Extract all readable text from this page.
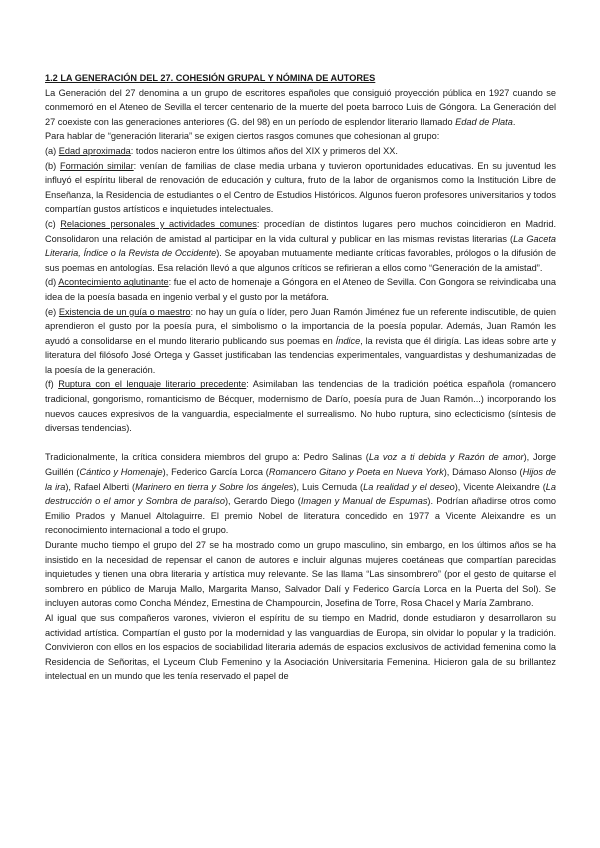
1.2 LA GENERACIÓN DEL 27. COHESIÓN GRUPAL Y NÓMINA DE AUTORES

La Generación del 27 denomina a un grupo de escritores españoles que consiguió proyección pública en 1927 cuando se conmemoró en el Ateneo de Sevilla el tercer centenario de la muerte del poeta barroco Luis de Góngora. La Generación del 27 coexiste con las generaciones anteriores (G. del 98) en un período de esplendor literario llamado Edad de Plata.

Para hablar de “generación literaria” se exigen ciertos rasgos comunes que cohesionan al grupo:

(a) Edad aproximada: todos nacieron entre los últimos años del XIX y primeros del XX.

(b) Formación similar: venían de familias de clase media urbana y tuvieron oportunidades educativas. En su juventud les influyó el espíritu liberal de renovación de educación y cultura, fruto de la labor de organismos como la Institución Libre de Enseñanza, la Residencia de estudiantes o el Centro de Estudios Históricos. Algunos fueron profesores universitarios y todos compartían gustos artísticos e inquietudes intelectuales.

(c) Relaciones personales y actividades comunes: procedían de distintos lugares pero muchos coincidieron en Madrid. Consolidaron una relación de amistad al participar en la vida cultural y publicar en las mismas revistas literarias (La Gaceta Literaria, Índice o la Revista de Occidente). Se apoyaban mutuamente mediante críticas favorables, prólogos o la difusión de sus poemas en antologías. Esa relación llevó a que algunos críticos se refirieran a ellos como “Generación de la amistad”.

(d) Acontecimiento aglutinante: fue el acto de homenaje a Góngora en el Ateneo de Sevilla. Con Gongora se reivindicaba una idea de la poesía basada en ingenio verbal y el gusto por la metáfora.

(e) Existencia de un guía o maestro: no hay un guía o líder, pero Juan Ramón Jiménez fue un referente indiscutible, de quien aprendieron el gusto por la poesía pura, el simbolismo o la importancia de la poesía popular. Además, Juan Ramón les ayudó a consolidarse en el mundo literario publicando sus poemas en Índice, la revista que él dirigía. Las ideas sobre arte y literatura del filósofo José Ortega y Gasset justificaban las tendencias experimentales, vanguardistas y deshumanizadas de la poesía de la generación.

(f) Ruptura con el lenguaje literario precedente: Asimilaban las tendencias de la tradición poética española (romancero tradicional, gongorismo, romanticismo de Bécquer, modernismo de Darío, poesía pura de Juan Ramón...) incorporando los nuevos cauces expresivos de la vanguardia, especialmente el surrealismo. No hubo ruptura, sino eclecticismo (síntesis de diversas tendencias).

Tradicionalmente, la crítica considera miembros del grupo a: Pedro Salinas (La voz a ti debida y Razón de amor), Jorge Guillén (Cántico y Homenaje), Federico García Lorca (Romancero Gitano y Poeta en Nueva York), Dámaso Alonso (Hijos de la ira), Rafael Alberti (Marinero en tierra y Sobre los ángeles), Luis Cernuda (La realidad y el deseo), Vicente Aleixandre (La destrucción o el amor y Sombra de paraíso), Gerardo Diego (Imagen y Manual de Espumas). Podrían añadirse otros como Emilio Prados y Manuel Altolaguirre. El premio Nobel de literatura concedido en 1977 a Vicente Aleixandre es un reconocimiento internacional a todo el grupo.

Durante mucho tiempo el grupo del 27 se ha mostrado como un grupo masculino, sin embargo, en los últimos años se ha insistido en la necesidad de repensar el canon de autores e incluir algunas mujeres coetáneas que compartían parecidas inquietudes y tienen una obra literaria y artística muy relevante. Se las llama “Las sinsombrero” (por el gesto de quitarse el sombrero en público de Maruja Mallo, Margarita Manso, Salvador Dalí y Federico García Lorca en la Puerta del Sol). Se incluyen autoras como Concha Méndez, Ernestina de Champourcin, Josefina de Torre, Rosa Chacel y María Zambrano.

Al igual que sus compañeros varones, vivieron el espíritu de su tiempo en Madrid, donde estudiaron y desarrollaron su actividad artística. Compartían el gusto por la modernidad y las vanguardias de Europa, sin olvidar lo popular y la tradición. Convivieron con ellos en los espacios de sociabilidad literaria además de espacios exclusivos de actividad femenina como la Residencia de Señoritas, el Lyceum Club Femenino y la Asociación Universitaria Femenina. Hicieron gala de su brillantez intelectual en un mundo que les tenía reservado el papel de
